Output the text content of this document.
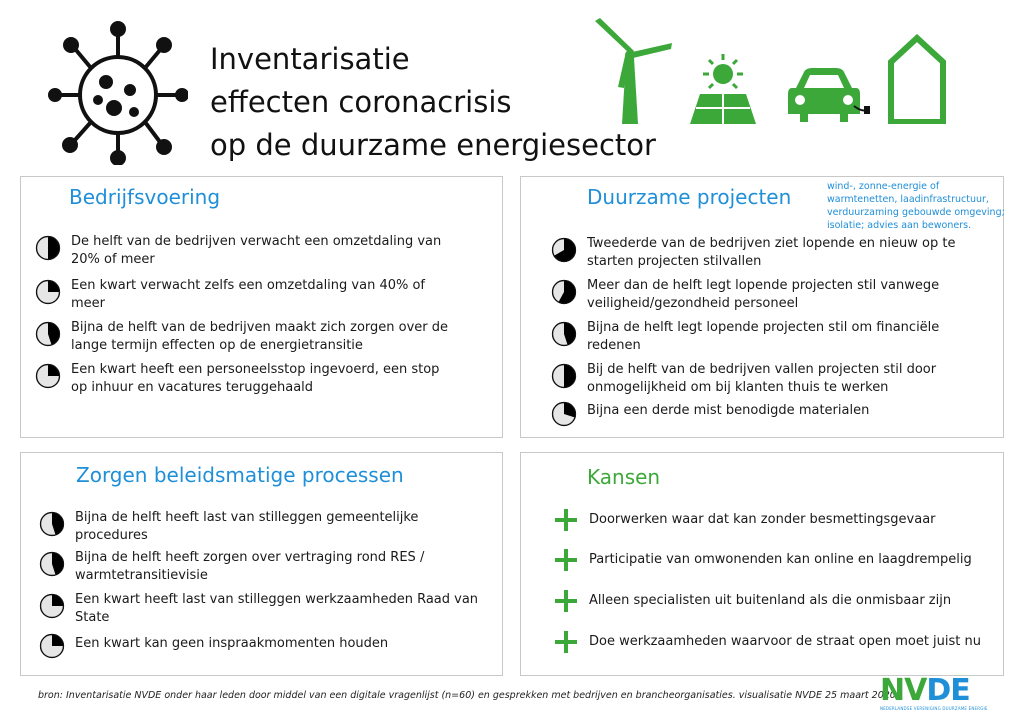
Inventarisatie
effecten coronacrisis
op de duurzame energiesector
Bedrijfsvoering
De helft van de bedrijven verwacht een omzetdaling van
20% of meer
Een kwart verwacht zelfs een omzetdaling van 40% of
meer
Bijna de helft van de bedrijven maakt zich zorgen over de
lange termijn effecten op de energietransitie
Een kwart heeft een personeelsstop ingevoerd, een stop
op inhuur en vacatures teruggehaald
Duurzame projecten
Tweederde van de bedrijven ziet lopende en nieuw op te
starten projecten stilvallen
Meer dan de helft legt lopende projecten stil vanwege
veiligheid/gezondheid personeel
Bijna de helft legt lopende projecten stil om financiële
redenen
Bij de helft van de bedrijven vallen projecten stil door
onmogelijkheid om bij klanten thuis te werken
Bijna een derde mist benodigde materialen
wind-, zonne-energie of warmtenetten, laadinfrastructuur, verduurzaming gebouwde omgeving; isolatie; advies aan bewoners.
Zorgen beleidsmatige processen
Bijna de helft heeft last van stilleggen gemeentelijke
procedures
Bijna de helft heeft zorgen over vertraging rond RES /
warmtetransitievisie
Een kwart heeft last van stilleggen werkzaamheden Raad van
State
Een kwart kan geen inspraakmomenten houden
Kansen
Doorwerken waar dat kan zonder besmettingsgevaar
Participatie van omwonenden kan online en laagdrempelig
Alleen specialisten uit buitenland als die onmisbaar zijn
Doe werkzaamheden waarvoor de straat open moet juist nu
bron: Inventarisatie NVDE onder haar leden door middel van een digitale vragenlijst (n=60) en gesprekken met bedrijven en brancheorganisaties. visualisatie NVDE 25 maart 2020
NVDE
NEDERLANDSE VERENIGING DUURZAME ENERGIE
